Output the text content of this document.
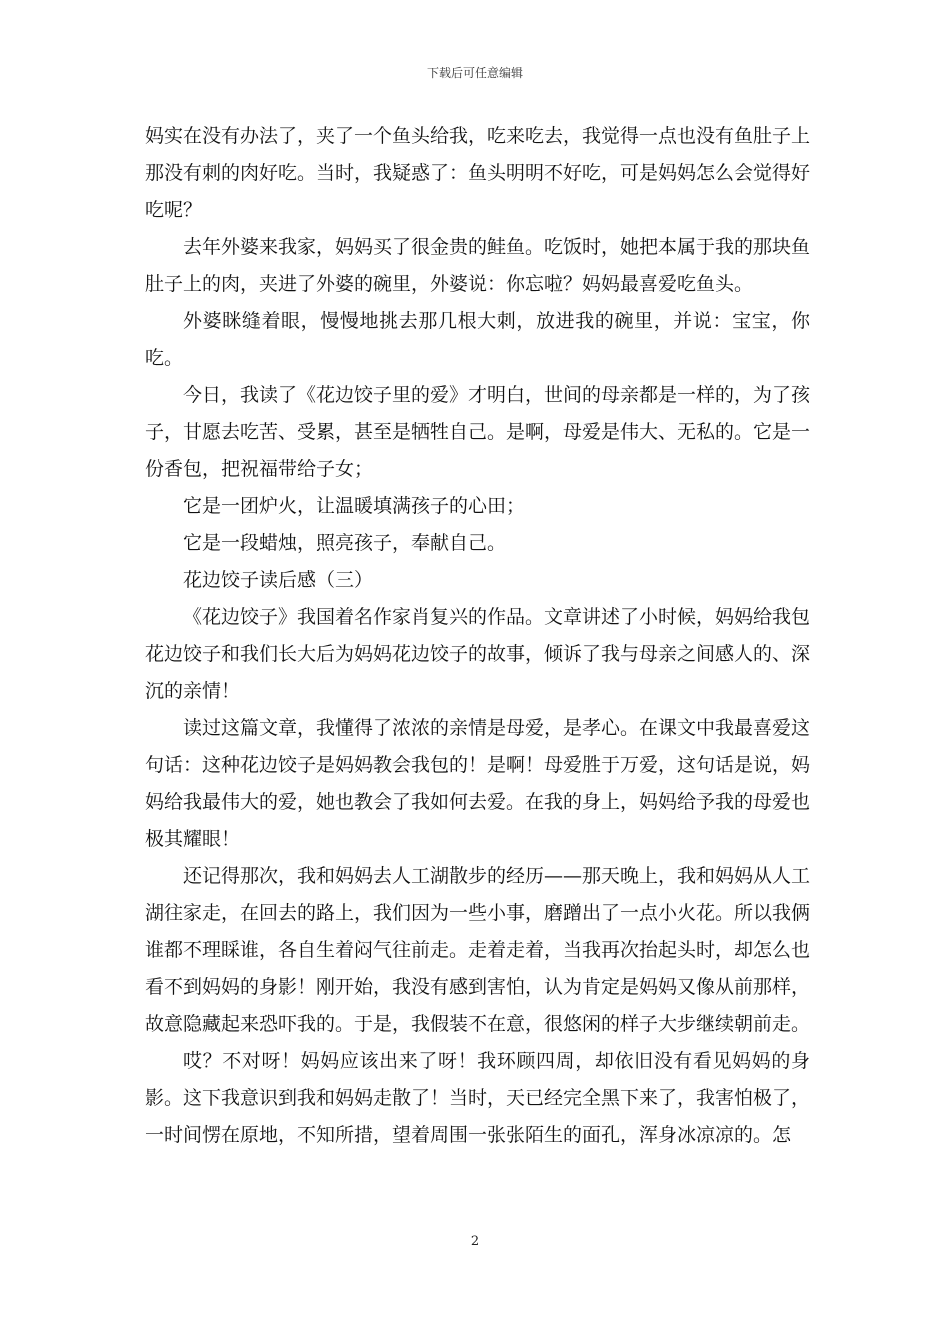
下载后可任意编辑

妈实在没有办法了，夹了一个鱼头给我，吃来吃去，我觉得一点也没有鱼肚子上那没有刺的肉好吃。当时，我疑惑了：鱼头明明不好吃，可是妈妈怎么会觉得好吃呢？

去年外婆来我家，妈妈买了很金贵的鲑鱼。吃饭时，她把本属于我的那块鱼肚子上的肉，夹进了外婆的碗里，外婆说：你忘啦？妈妈最喜爱吃鱼头。

外婆眯缝着眼，慢慢地挑去那几根大刺，放进我的碗里，并说：宝宝，你吃。

今日，我读了《花边饺子里的爱》才明白，世间的母亲都是一样的，为了孩子，甘愿去吃苦、受累，甚至是牺牲自己。是啊，母爱是伟大、无私的。它是一份香包，把祝福带给子女；

它是一团炉火，让温暖填满孩子的心田；

它是一段蜡烛，照亮孩子，奉献自己。

花边饺子读后感（三）

《花边饺子》我国着名作家肖复兴的作品。文章讲述了小时候，妈妈给我包花边饺子和我们长大后为妈妈花边饺子的故事，倾诉了我与母亲之间感人的、深沉的亲情！

读过这篇文章，我懂得了浓浓的亲情是母爱，是孝心。在课文中我最喜爱这句话：这种花边饺子是妈妈教会我包的！是啊！母爱胜于万爱，这句话是说，妈妈给我最伟大的爱，她也教会了我如何去爱。在我的身上，妈妈给予我的母爱也极其耀眼！

还记得那次，我和妈妈去人工湖散步的经历——那天晚上，我和妈妈从人工湖往家走，在回去的路上，我们因为一些小事，磨蹭出了一点小火花。所以我俩谁都不理睬谁，各自生着闷气往前走。走着走着，当我再次抬起头时，却怎么也看不到妈妈的身影！刚开始，我没有感到害怕，认为肯定是妈妈又像从前那样，故意隐藏起来恐吓我的。于是，我假装不在意，很悠闲的样子大步继续朝前走。

哎？不对呀！妈妈应该出来了呀！我环顾四周，却依旧没有看见妈妈的身影。这下我意识到我和妈妈走散了！当时，天已经完全黑下来了，我害怕极了，一时间愣在原地，不知所措，望着周围一张张陌生的面孔，浑身冰凉凉的。怎

2
